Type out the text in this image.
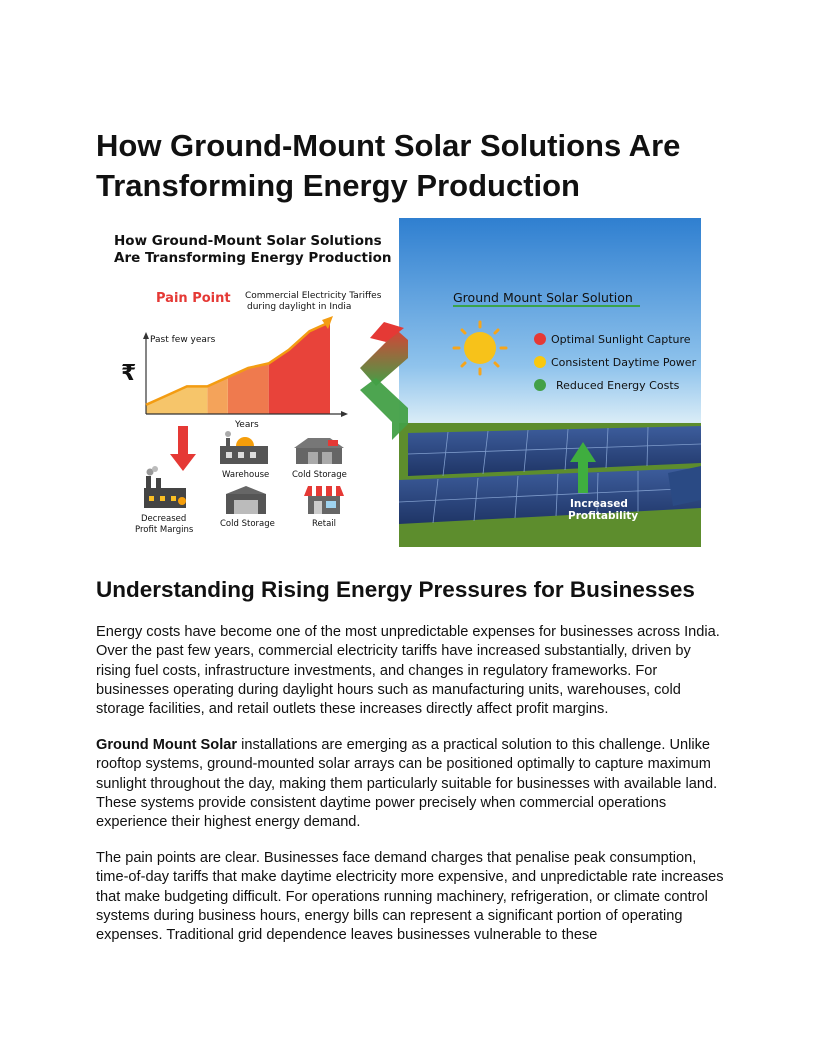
How Ground-Mount Solar Solutions Are Transforming Energy Production
Ground Mount Solar Solution
Optimal Sunlight Capture
Consistent Daytime Power
Reduced Energy Costs
Increased
Profitability
How Ground-Mount Solar Solutions
Are Transforming Energy Production
Pain Point Commercial Electricity Tariffes
during daylight in India
Past few years
Years
₹
Decreased
Profit Margins
Warehouse	Cold Storage
Cold Storage	Retail
Understanding Rising Energy Pressures for Businesses

Energy costs have become one of the most unpredictable expenses for businesses across India. Over the past few years, commercial electricity tariffs have increased substantially, driven by rising fuel costs, infrastructure investments, and changes in regulatory frameworks. For businesses operating during daylight hours such as manufacturing units, warehouses, cold storage facilities, and retail outlets these increases directly affect profit margins.

Ground Mount Solar installations are emerging as a practical solution to this challenge. Unlike rooftop systems, ground-mounted solar arrays can be positioned optimally to capture maximum sunlight throughout the day, making them particularly suitable for businesses with available land. These systems provide consistent daytime power precisely when commercial operations experience their highest energy demand.

The pain points are clear. Businesses face demand charges that penalise peak consumption, time-of-day tariffs that make daytime electricity more expensive, and unpredictable rate increases that make budgeting difficult. For operations running machinery, refrigeration, or climate control systems during business hours, energy bills can represent a significant portion of operating expenses. Traditional grid dependence leaves businesses vulnerable to these
